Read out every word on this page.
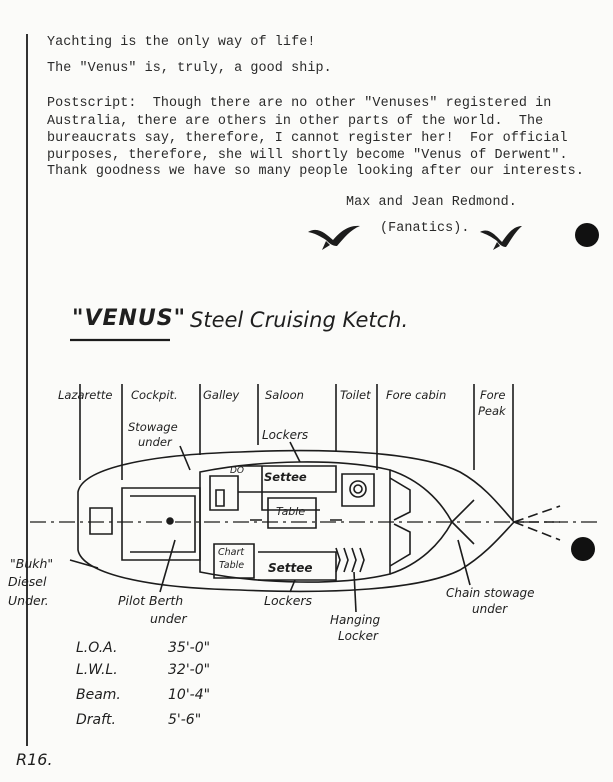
Yachting is the only way of life!
The "Venus" is, truly, a good ship.
Postscript:  Though there are no other "Venuses" registered in
Australia, there are others in other parts of the world.  The
bureaucrats say, therefore, I cannot register her!  For official
purposes, therefore, she will shortly become "Venus of Derwent".
Thank goodness we have so many people looking after our interests.
Max and Jean Redmond.
(Fanatics).
"VENUS" Steel Cruising Ketch.
Lazarette Cockpit. Galley Saloon	Toilet Fore cabin	Fore
Peak
Stowage
under	Lockers
Settee
Table
DO
Chart
Table Settee
"Bukh"
Diesel
Under.	Pilot Berth
under
Lockers
Hanging
Locker
Chain stowage
under
L.O.A.	35'-0"
L.W.L.	32'-0"
Beam.	10'-4"
Draft.	5'-6"
R16.
